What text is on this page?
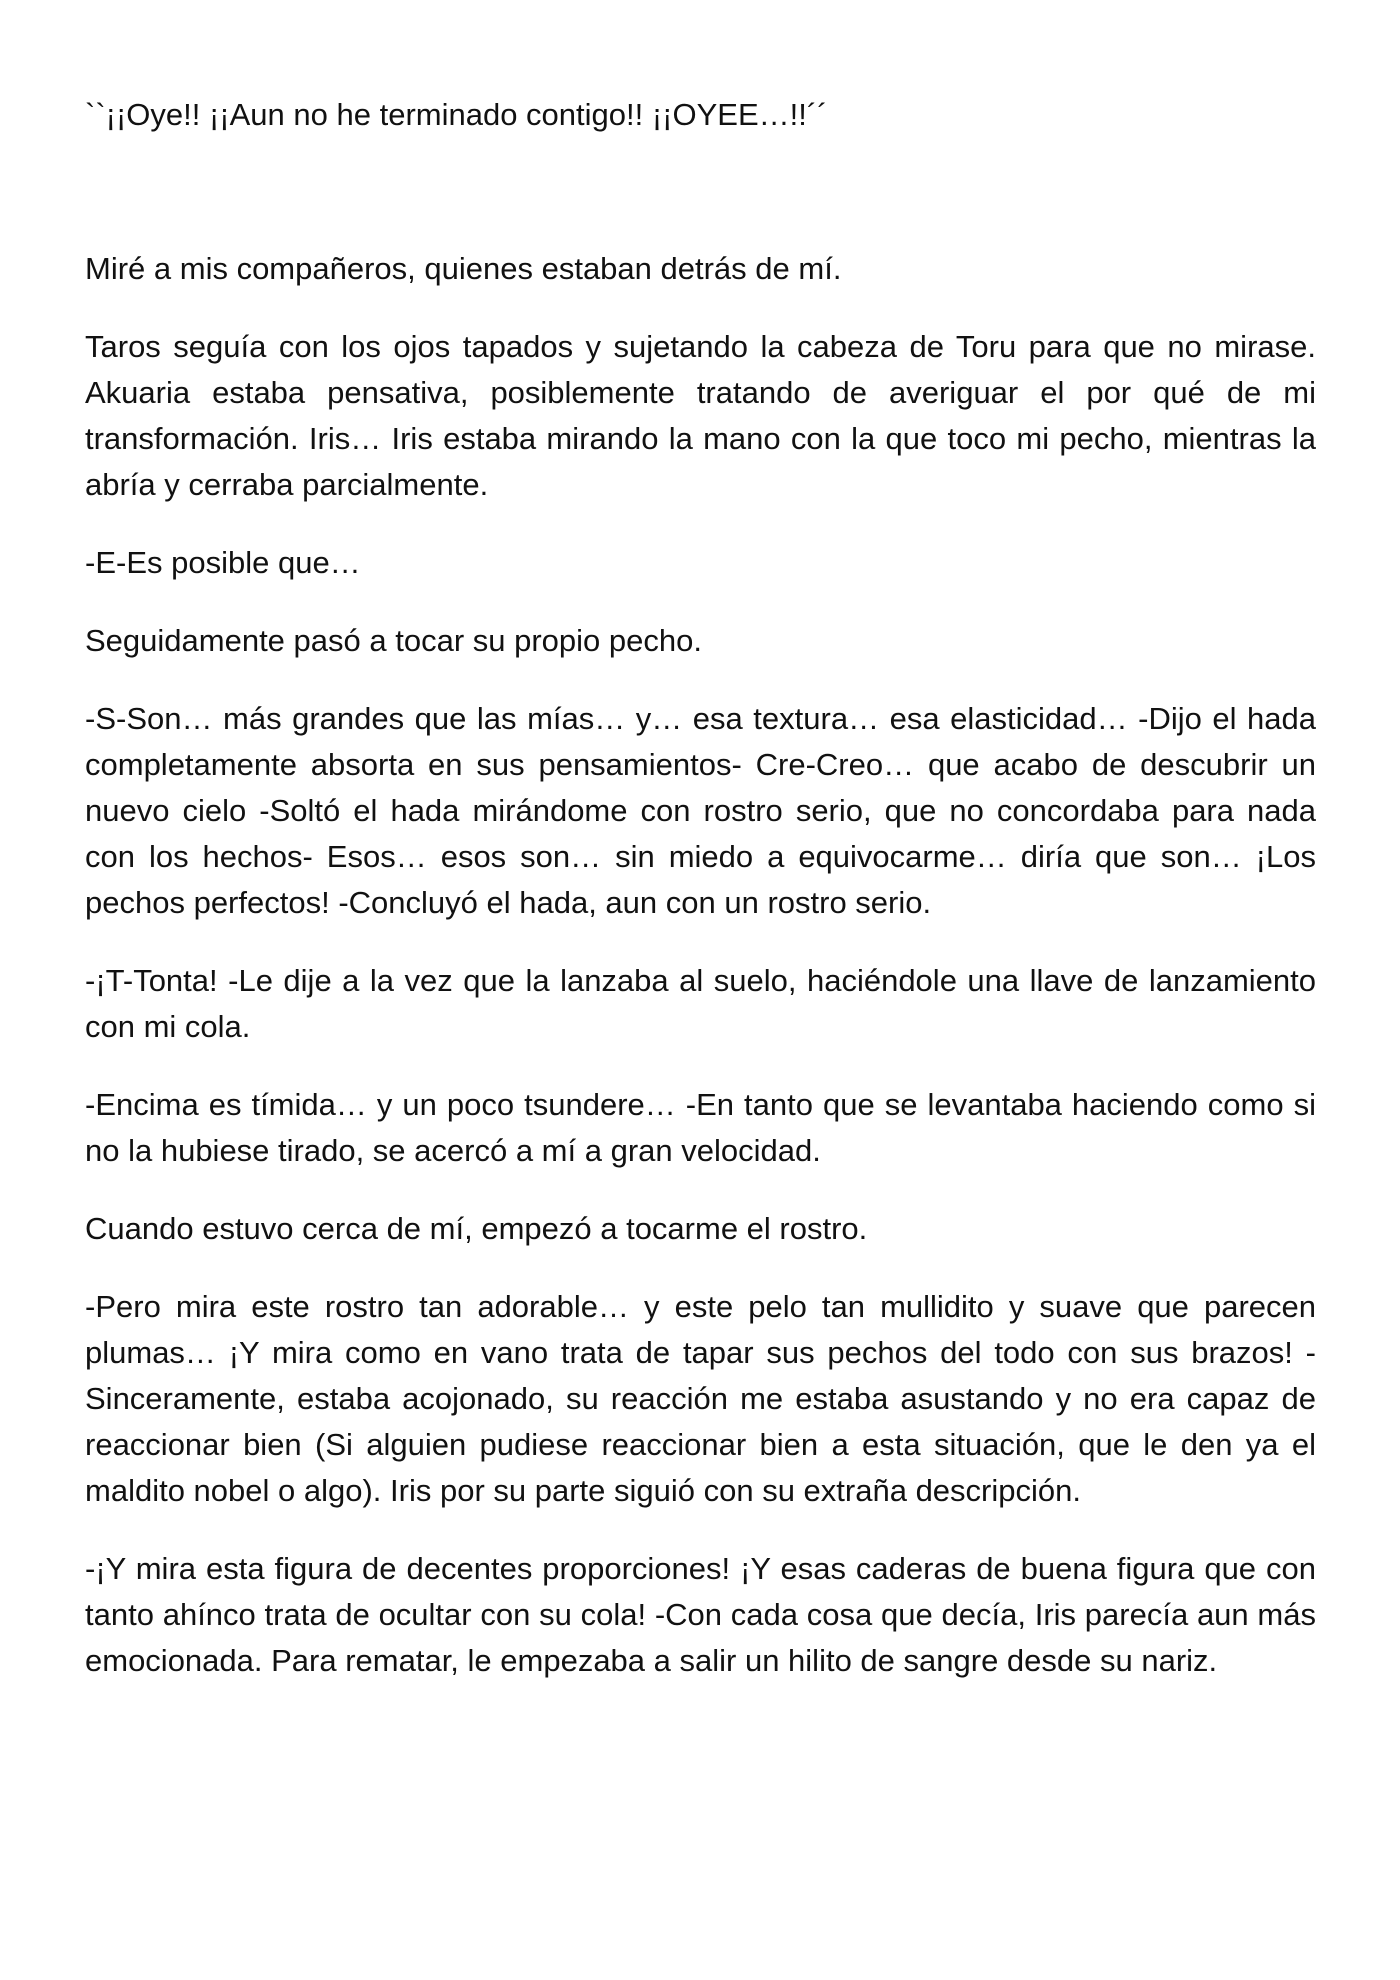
``¡¡Oye!! ¡¡Aun no he terminado contigo!! ¡¡OYEE…!!´´

Miré a mis compañeros, quienes estaban detrás de mí.

Taros seguía con los ojos tapados y sujetando la cabeza de Toru para que no mirase. Akuaria estaba pensativa, posiblemente tratando de averiguar el por qué de mi transformación. Iris… Iris estaba mirando la mano con la que toco mi pecho, mientras la abría y cerraba parcialmente.

-E-Es posible que…

Seguidamente pasó a tocar su propio pecho.

-S-Son… más grandes que las mías… y… esa textura… esa elasticidad… -Dijo el hada completamente absorta en sus pensamientos- Cre-Creo… que acabo de descubrir un nuevo cielo -Soltó el hada mirándome con rostro serio, que no concordaba para nada con los hechos- Esos… esos son… sin miedo a equivocarme… diría que son… ¡Los pechos perfectos! -Concluyó el hada, aun con un rostro serio.

-¡T-Tonta! -Le dije a la vez que la lanzaba al suelo, haciéndole una llave de lanzamiento con mi cola.

-Encima es tímida… y un poco tsundere… -En tanto que se levantaba haciendo como si no la hubiese tirado, se acercó a mí a gran velocidad.

Cuando estuvo cerca de mí, empezó a tocarme el rostro.

-Pero mira este rostro tan adorable… y este pelo tan mullidito y suave que parecen plumas… ¡Y mira como en vano trata de tapar sus pechos del todo con sus brazos! -Sinceramente, estaba acojonado, su reacción me estaba asustando y no era capaz de reaccionar bien (Si alguien pudiese reaccionar bien a esta situación, que le den ya el maldito nobel o algo). Iris por su parte siguió con su extraña descripción.

-¡Y mira esta figura de decentes proporciones! ¡Y esas caderas de buena figura que con tanto ahínco trata de ocultar con su cola! -Con cada cosa que decía, Iris parecía aun más emocionada. Para rematar, le empezaba a salir un hilito de sangre desde su nariz.
